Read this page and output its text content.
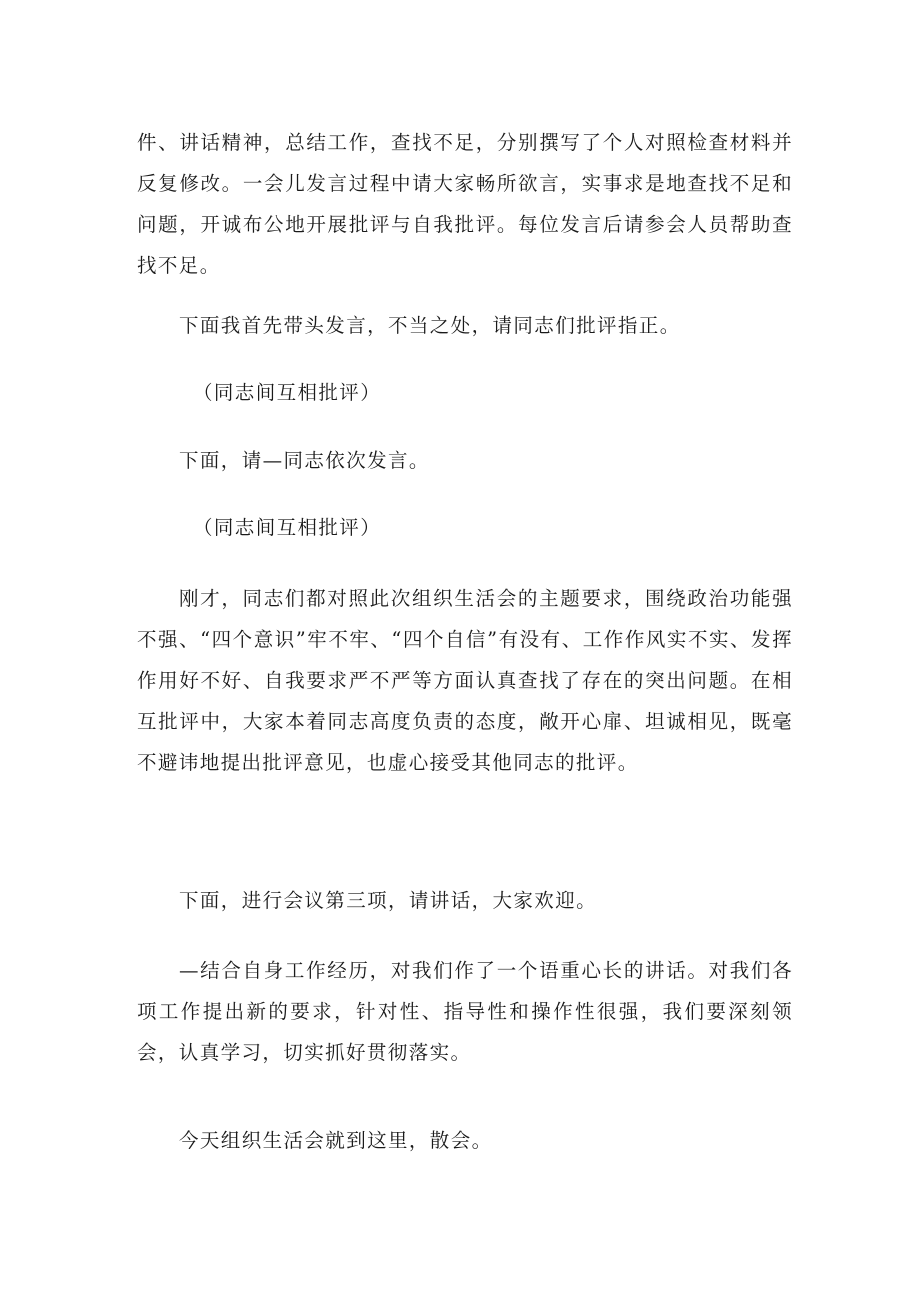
件、讲话精神，总结工作，查找不足，分别撰写了个人对照检查材料并反复修改。一会儿发言过程中请大家畅所欲言，实事求是地查找不足和问题，开诚布公地开展批评与自我批评。每位发言后请参会人员帮助查找不足。

下面我首先带头发言，不当之处，请同志们批评指正。

（同志间互相批评）

下面，请—同志依次发言。

（同志间互相批评）

刚才，同志们都对照此次组织生活会的主题要求，围绕政治功能强不强、“四个意识”牢不牢、“四个自信”有没有、工作作风实不实、发挥作用好不好、自我要求严不严等方面认真查找了存在的突出问题。在相互批评中，大家本着同志高度负责的态度，敞开心扉、坦诚相见，既毫不避讳地提出批评意见，也虚心接受其他同志的批评。

下面，进行会议第三项，请讲话，大家欢迎。

—结合自身工作经历，对我们作了一个语重心长的讲话。对我们各项工作提出新的要求，针对性、指导性和操作性很强，我们要深刻领会，认真学习，切实抓好贯彻落实。

今天组织生活会就到这里，散会。
